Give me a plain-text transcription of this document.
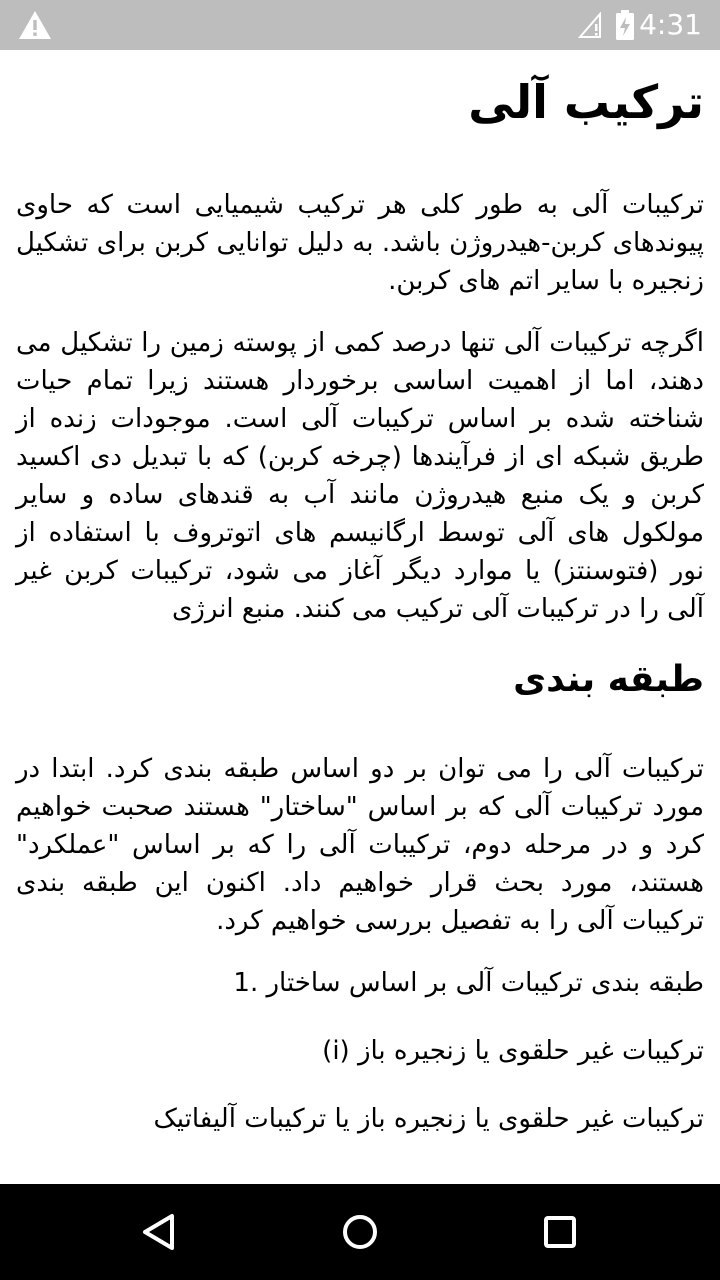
4:31
ترکیب آلی

ترکیبات آلی به طور کلی هر ترکیب شیمیایی است که حاوی پیوندهای کربن-هیدروژن باشد. به دلیل توانایی کربن برای تشکیل زنجیره با سایر اتم های کربن.

اگرچه ترکیبات آلی تنها درصد کمی از پوسته زمین را تشکیل می دهند، اما از اهمیت اساسی برخوردار هستند زیرا تمام حیات شناخته شده بر اساس ترکیبات آلی است. موجودات زنده از طریق شبکه ای از فرآیندها (چرخه کربن) که با تبدیل دی اکسید کربن و یک منبع هیدروژن مانند آب به قندهای ساده و سایر مولکول های آلی توسط ارگانیسم های اتوتروف با استفاده از نور (فتوسنتز) یا موارد دیگر آغاز می شود، ترکیبات کربن غیر آلی را در ترکیبات آلی ترکیب می کنند. منبع انرژی

طبقه بندی

ترکیبات آلی را می توان بر دو اساس طبقه بندی کرد. ابتدا در مورد ترکیبات آلی که بر اساس "ساختار" هستند صحبت خواهیم کرد و در مرحله دوم، ترکیبات آلی را که بر اساس "عملکرد" هستند، مورد بحث قرار خواهیم داد. اکنون این طبقه بندی ترکیبات آلی را به تفصیل بررسی خواهیم کرد.

طبقه بندی ترکیبات آلی بر اساس ساختار .1

ترکیبات غیر حلقوی یا زنجیره باز (i)

ترکیبات غیر حلقوی یا زنجیره باز یا ترکیبات آلیفاتیک
